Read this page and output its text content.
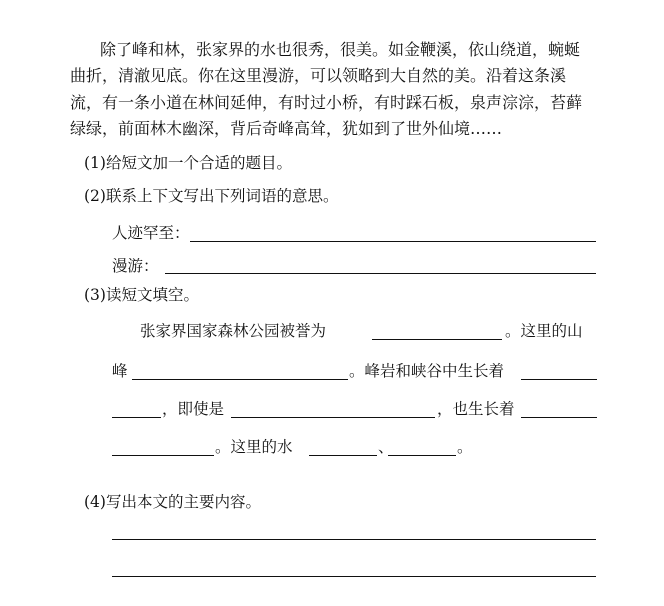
除了峰和林，张家界的水也很秀，很美。如金鞭溪，依山绕道，蜿蜒
曲折，清澈见底。你在这里漫游，可以领略到大自然的美。沿着这条溪
流，有一条小道在林间延伸，有时过小桥，有时踩石板，泉声淙淙，苔藓
绿绿，前面林木幽深，背后奇峰高耸，犹如到了世外仙境……
(1)给短文加一个合适的题目。
(2)联系上下文写出下列词语的意思。
人迹罕至：
漫游：
(3)读短文填空。
张家界国家森林公园被誉为	。这里的山
峰	。峰岩和峡谷中生长着
，即使是	，也生长着
。这里的水	、	。
(4)写出本文的主要内容。
